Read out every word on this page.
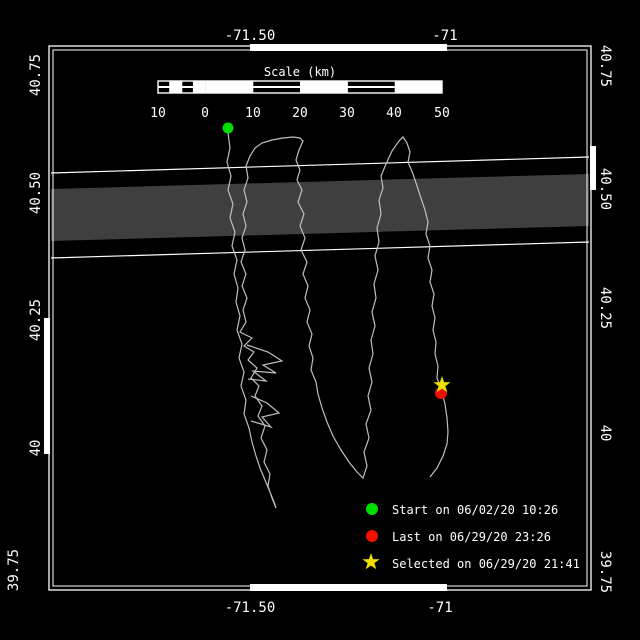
-71.50	-71
-71.50	-71
40.75
40.50
40.25
40
39.75
40.75
40.50
40.25
40
39.75
Scale (km)
10	0	10 20 30 40 50
Start on 06/02/20 10:26
Last on 06/29/20 23:26
Selected on 06/29/20 21:41
